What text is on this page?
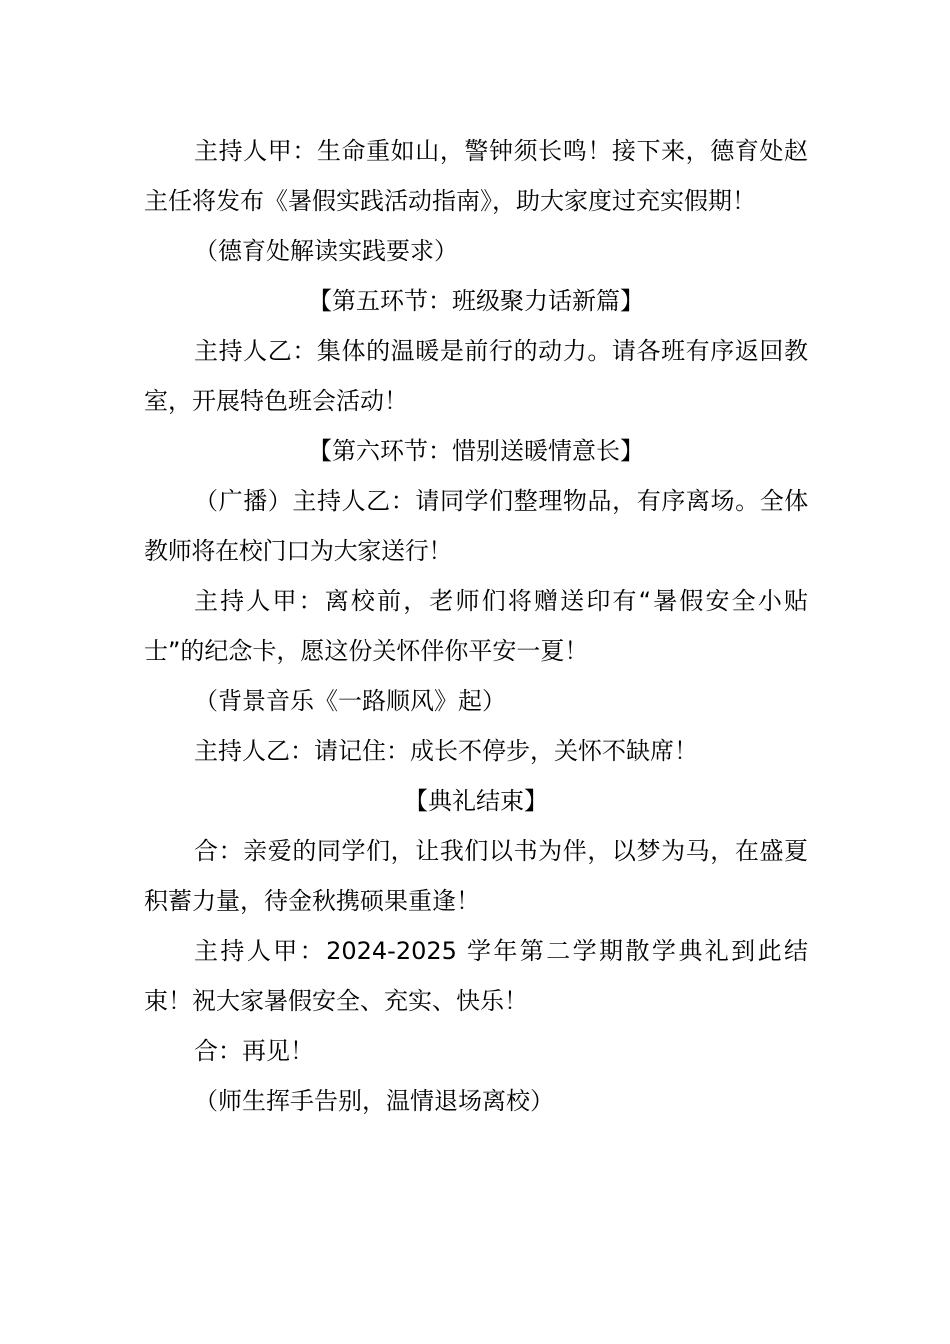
主持人甲：生命重如山，警钟须长鸣！接下来，德育处赵主任将发布《暑假实践活动指南》，助大家度过充实假期！

（德育处解读实践要求）

【第五环节：班级聚力话新篇】

主持人乙：集体的温暖是前行的动力。请各班有序返回教室，开展特色班会活动！

【第六环节：惜别送暖情意长】

（广播）主持人乙：请同学们整理物品，有序离场。全体教师将在校门口为大家送行！

主持人甲：离校前，老师们将赠送印有“暑假安全小贴士”的纪念卡，愿这份关怀伴你平安一夏！

（背景音乐《一路顺风》起）

主持人乙：请记住：成长不停步，关怀不缺席！

【典礼结束】

合：亲爱的同学们，让我们以书为伴，以梦为马，在盛夏积蓄力量，待金秋携硕果重逢！

主持人甲：2024-2025 学年第二学期散学典礼到此结束！祝大家暑假安全、充实、快乐！

合：再见！

（师生挥手告别，温情退场离校）
